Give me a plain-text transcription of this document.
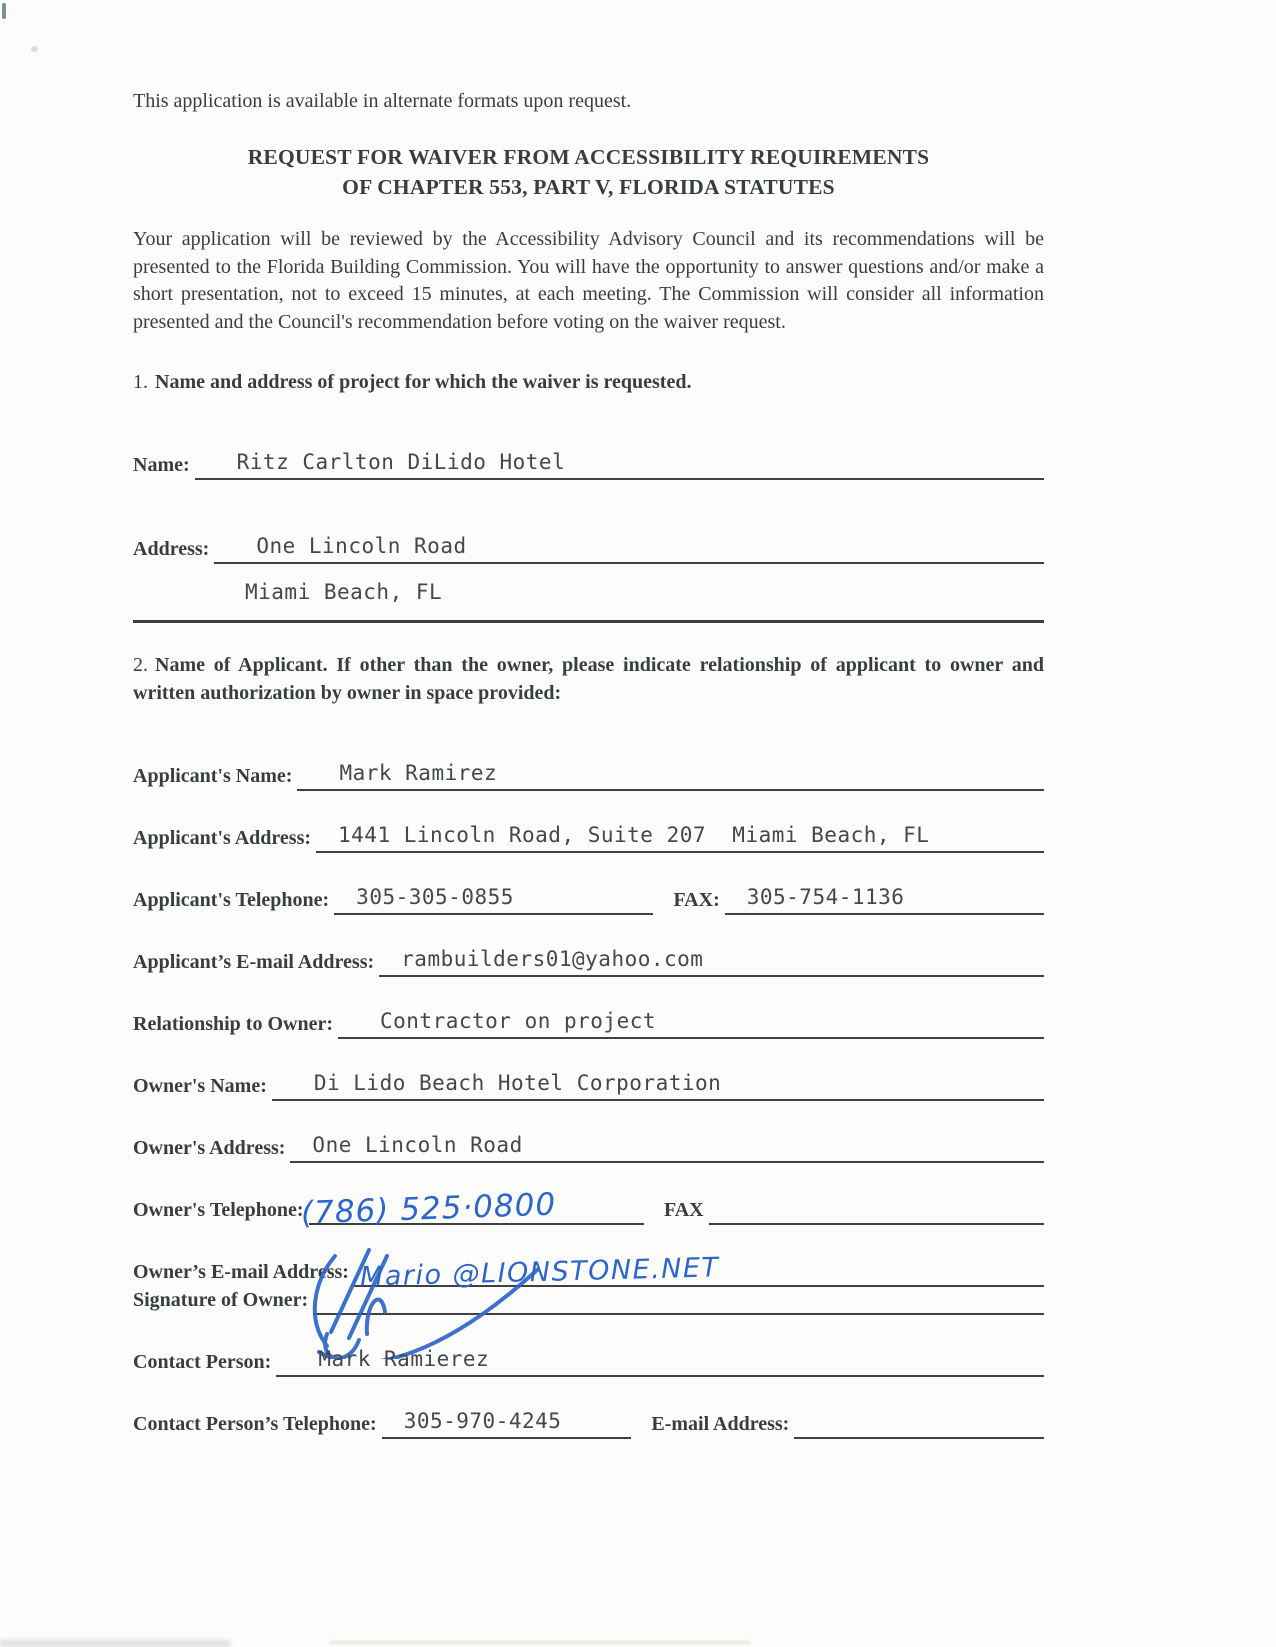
This application is available in alternate formats upon request.
REQUEST FOR WAIVER FROM ACCESSIBILITY REQUIREMENTS
OF CHAPTER 553, PART V, FLORIDA STATUTES
Your application will be reviewed by the Accessibility Advisory Council and its recommendations will be presented to the Florida Building Commission. You will have the opportunity to answer questions and/or make a short presentation, not to exceed 15 minutes, at each meeting. The Commission will consider all information presented and the Council's recommendation before voting on the waiver request.
1. Name and address of project for which the waiver is requested.
Name: Ritz Carlton DiLido Hotel
Address: One Lincoln Road
Miami Beach, FL
2. Name of Applicant. If other than the owner, please indicate relationship of applicant to owner and written authorization by owner in space provided:
Applicant's Name: Mark Ramirez
Applicant's Address: 1441 Lincoln Road, Suite 207  Miami Beach, FL
Applicant's Telephone: 305-305-0855	FAX: 305-754-1136
Applicant’s E-mail Address: rambuilders01@yahoo.com
Relationship to Owner: Contractor on project
Owner's Name: Di Lido Beach Hotel Corporation
Owner's Address: One Lincoln Road
Owner's Telephone:
(786) 525·0800	FAX
Owner’s E-mail Address: Mario @LIONSTONE.NET
Signature of Owner:
Contact Person: Mark Ramierez
Contact Person’s Telephone: 305-970-4245	E-mail Address:
